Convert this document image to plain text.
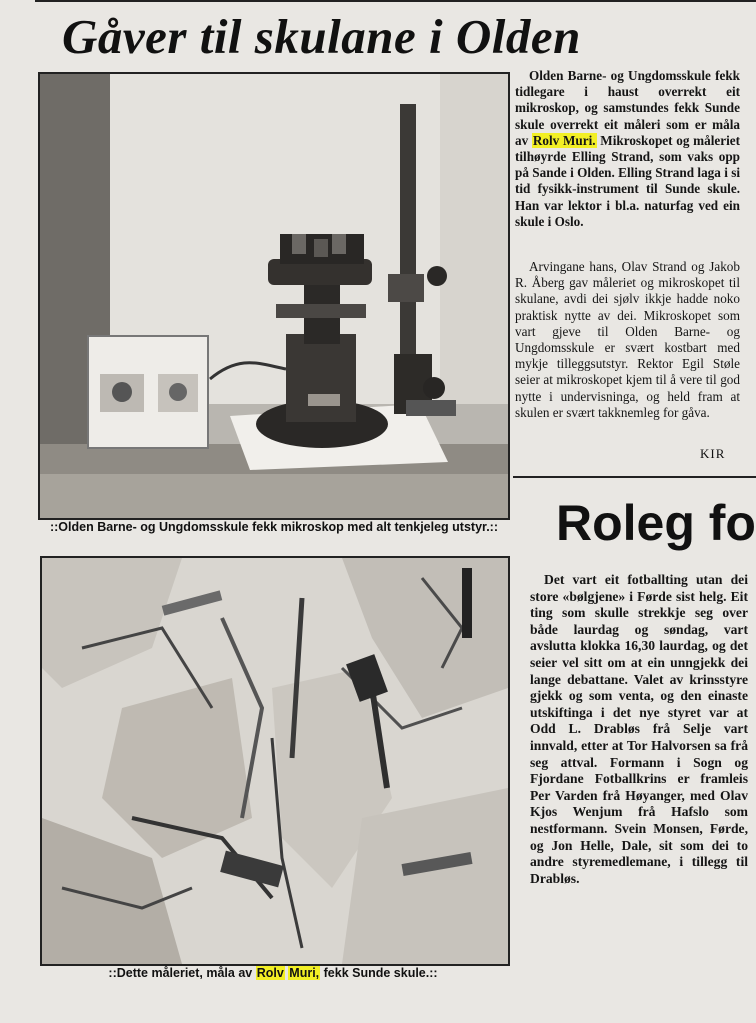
Gåver til skulane i Olden
::Olden Barne- og Ungdomsskule fekk mikroskop med alt tenkjeleg utstyr.::
::Dette måleriet, måla av Rolv Muri, fekk Sunde skule.::

Olden Barne- og Ungdomsskule fekk tidlegare i haust overrekt eit mikroskop, og samstundes fekk Sunde skule overrekt eit måleri som er måla av Rolv Muri. Mikroskopet og måleriet tilhøyrde Elling Strand, som vaks opp på Sande i Olden. Elling Strand laga i si tid fysikk-instrument til Sunde skule. Han var lektor i bl.a. naturfag ved ein skule i Oslo.

Arvingane hans, Olav Strand og Jakob R. Åberg gav måleriet og mikroskopet til skulane, avdi dei sjølv ikkje hadde noko praktisk nytte av dei. Mikroskopet som vart gjeve til Olden Barne- og Ungdomsskule er svært kostbart med mykje tilleggsutstyr. Rektor Egil Støle seier at mikroskopet kjem til å vere til god nytte i undervisninga, og held fram at skulen er svært takknemleg for gåva.

KIR
Roleg fo

Det vart eit fotballting utan dei store «bølgjene» i Førde sist helg. Eit ting som skulle strekkje seg over både laurdag og søndag, vart avslutta klokka 16,30 laurdag, og det seier vel sitt om at ein unngjekk dei lange debattane. Valet av krinsstyre gjekk og som venta, og den einaste utskiftinga i det nye styret var at Odd L. Drabløs frå Selje vart innvald, etter at Tor Halvorsen sa frå seg attval. Formann i Sogn og Fjordane Fotballkrins er framleis Per Varden frå Høyanger, med Olav Kjos Wenjum frå Hafslo som nestformann. Svein Monsen, Førde, og Jon Helle, Dale, sit som dei to andre styremedlemane, i tillegg til Drabløs.
